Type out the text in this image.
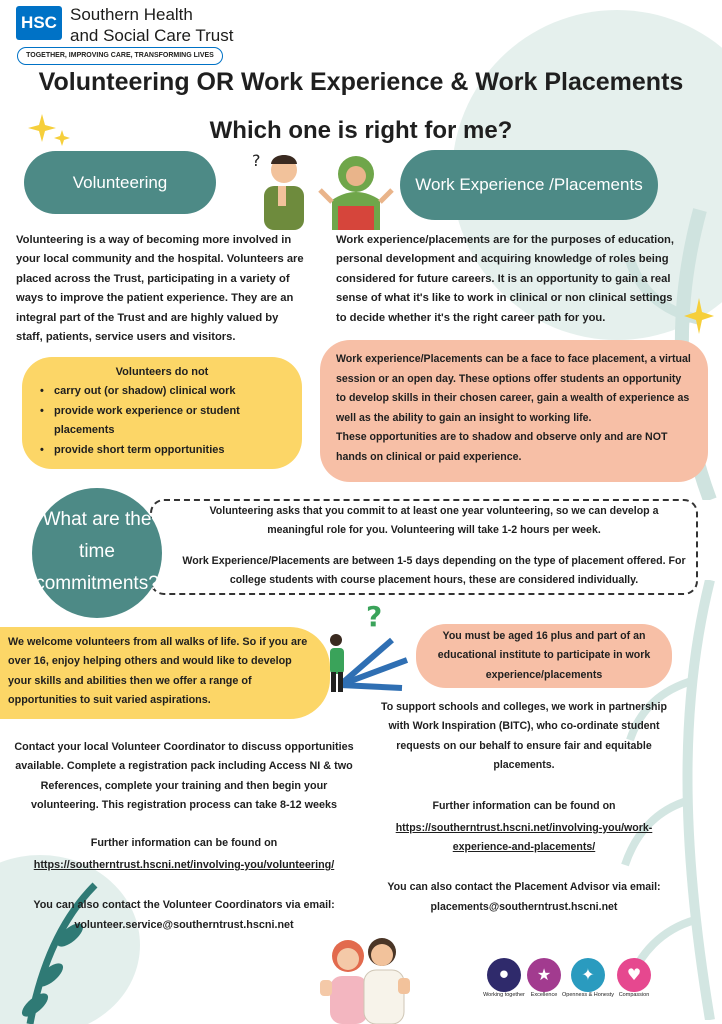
HSC Southern Health
and Social Care Trust
TOGETHER, IMPROVING CARE, TRANSFORMING LIVES
Volunteering OR Work Experience & Work Placements
Which one is right for me?
Volunteering	Work Experience /Placements
?
Volunteering is a way of becoming more involved in your local community and the hospital. Volunteers are placed across the Trust, participating in a variety of ways to improve the patient experience. They are an integral part of the Trust and are highly valued by staff, patients, service users and visitors.
Work experience/placements are for the purposes of education, personal development and acquiring knowledge of roles being considered for future careers. It is an opportunity to gain a real sense of what it's like to work in clinical or non clinical settings to decide whether it's the right career path for you.
Volunteers do not
• carry out (or shadow) clinical work
• provide work experience or student placements
• provide short term opportunities
Work experience/Placements can be a face to face placement, a virtual session or an open day. These options offer students an opportunity to develop skills in their chosen career, gain a wealth of experience as well as the ability to gain an insight to working life.
These opportunities are to shadow and observe only and are NOT hands on clinical or paid experience.
What are the
time
commitments?
Volunteering asks that you commit to at least one year volunteering, so we can develop a meaningful role for you. Volunteering will take 1-2 hours per week.
Work Experience/Placements are between 1-5 days depending on the type of placement offered. For college students with course placement hours, these are considered individually.
We welcome volunteers from all walks of life. So if you are over 16, enjoy helping others and would like to develop your skills and abilities then we offer a range of opportunities to suit varied aspirations.
?
You must be aged 16 plus and part of an educational institute to participate in work experience/placements
Contact your local Volunteer Coordinator to discuss opportunities available. Complete a registration pack including Access NI & two References, complete your training and then begin your volunteering. This registration process can take 8-12 weeks
Further information can be found on
https://southerntrust.hscni.net/involving-you/volunteering/
You can also contact the Volunteer Coordinators via email:
volunteer.service@southerntrust.hscni.net
To support schools and colleges, we work in partnership with Work Inspiration (BITC), who co-ordinate student requests on our behalf to ensure fair and equitable placements.
Further information can be found on
https://southerntrust.hscni.net/involving-you/work-
experience-and-placements/
You can also contact the Placement Advisor via email:
placements@southerntrust.hscni.net
⚫
Working together
★
Excellence
✦
Openness & Honesty
♥
Compassion
